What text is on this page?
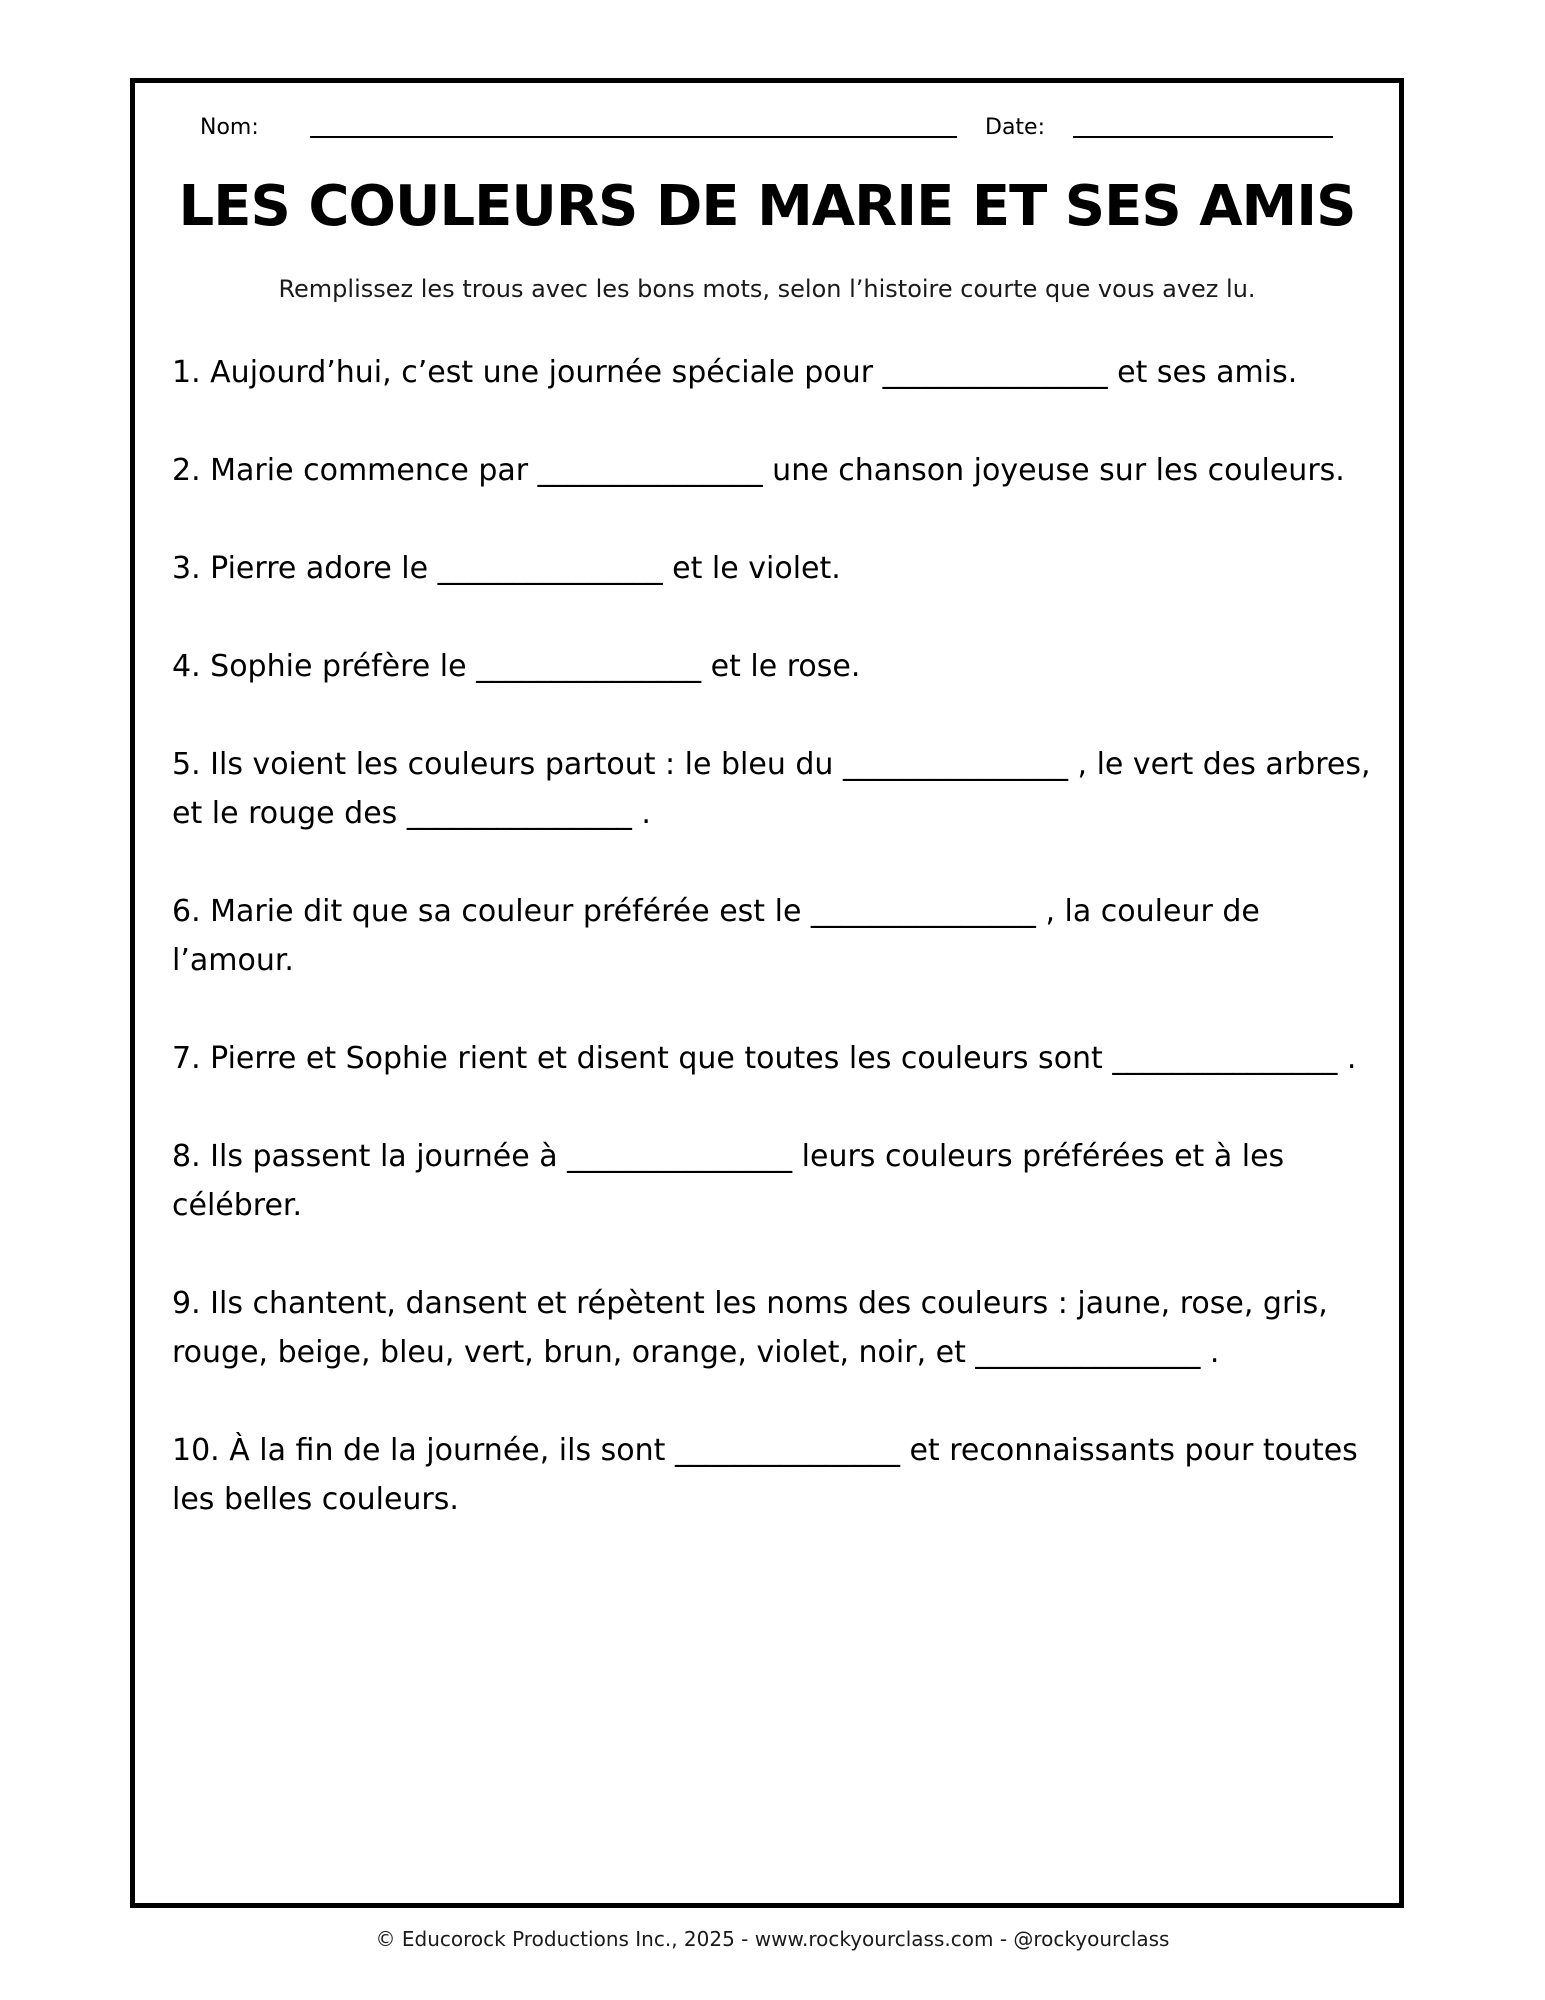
Nom:	Date:
LES COULEURS DE MARIE ET SES AMIS
Remplissez les trous avec les bons mots, selon l’histoire courte que vous avez lu.
1. Aujourd’hui, c’est une journée spéciale pour _______________ et ses amis.
2. Marie commence par _______________ une chanson joyeuse sur les couleurs.
3. Pierre adore le _______________ et le violet.
4. Sophie préfère le _______________ et le rose.
5. Ils voient les couleurs partout : le bleu du _______________ , le vert des arbres, et le rouge des _______________ .
6. Marie dit que sa couleur préférée est le _______________ , la couleur de l’amour.
7. Pierre et Sophie rient et disent que toutes les couleurs sont _______________ .
8. Ils passent la journée à _______________ leurs couleurs préférées et à les célébrer.
9. Ils chantent, dansent et répètent les noms des couleurs : jaune, rose, gris, rouge, beige, bleu, vert, brun, orange, violet, noir, et _______________ .
10. À la fin de la journée, ils sont _______________ et reconnaissants pour toutes les belles couleurs.
© Educorock Productions Inc., 2025 - www.rockyourclass.com - @rockyourclass
